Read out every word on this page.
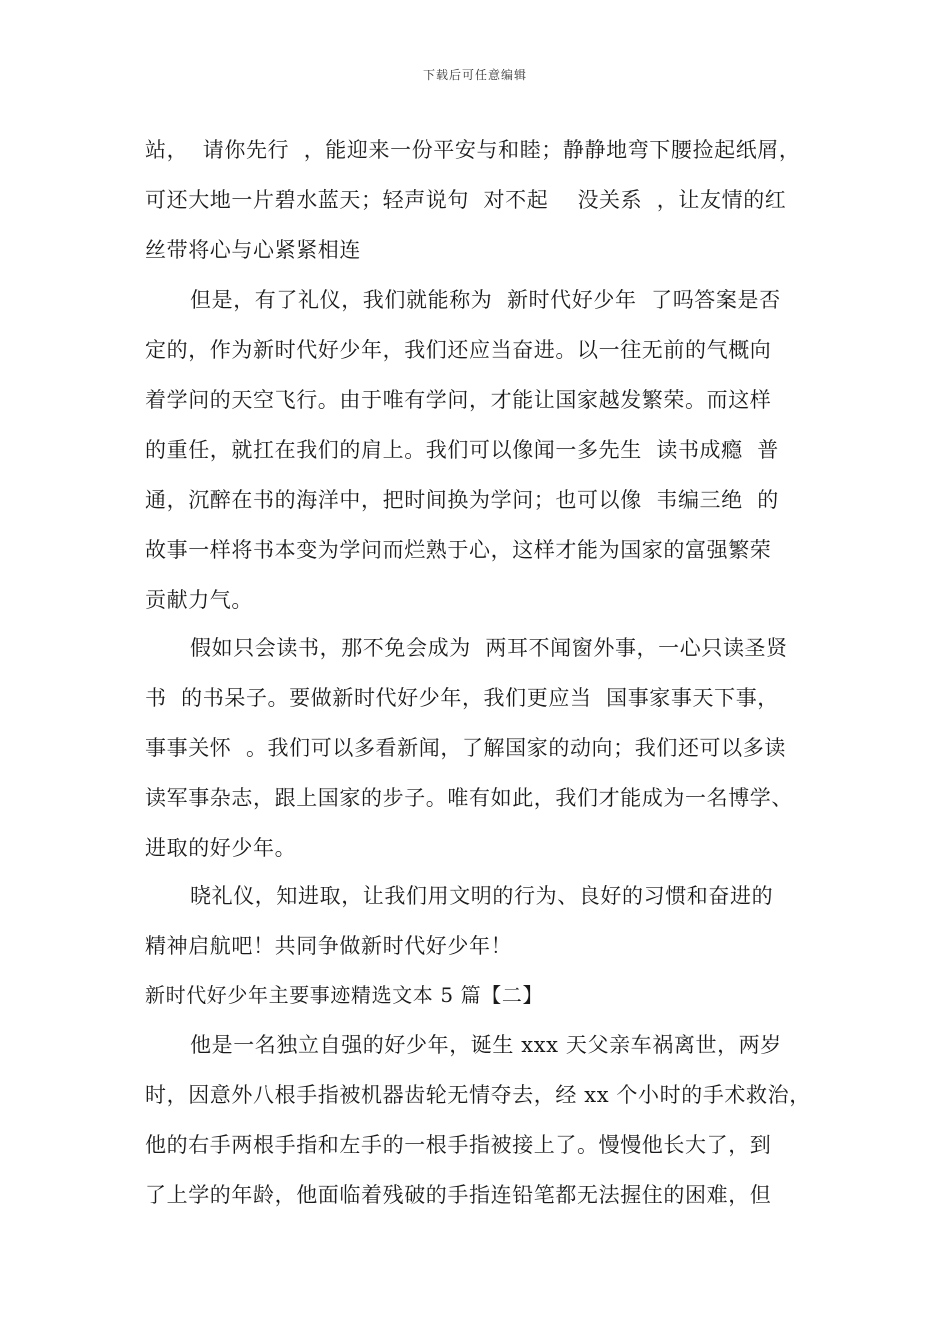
下载后可任意编辑
站，  请你先行  ，能迎来一份平安与和睦；静静地弯下腰捡起纸屑，
可还大地一片碧水蓝天；轻声说句  对不起    没关系  ，让友情的红
丝带将心与心紧紧相连
但是，有了礼仪，我们就能称为  新时代好少年  了吗答案是否
定的，作为新时代好少年，我们还应当奋进。以一往无前的气概向
着学问的天空飞行。由于唯有学问，才能让国家越发繁荣。而这样
的重任，就扛在我们的肩上。我们可以像闻一多先生  读书成瘾  普
通，沉醉在书的海洋中，把时间换为学问；也可以像  韦编三绝  的
故事一样将书本变为学问而烂熟于心，这样才能为国家的富强繁荣
贡献力气。
假如只会读书，那不免会成为  两耳不闻窗外事，一心只读圣贤
书  的书呆子。要做新时代好少年，我们更应当  国事家事天下事，
事事关怀  。我们可以多看新闻，了解国家的动向；我们还可以多读
读军事杂志，跟上国家的步子。唯有如此，我们才能成为一名博学、
进取的好少年。
晓礼仪，知进取，让我们用文明的行为、良好的习惯和奋进的
精神启航吧！共同争做新时代好少年！
新时代好少年主要事迹精选文本 5 篇【二】
他是一名独立自强的好少年，诞生 xxx 天父亲车祸离世，两岁
时，因意外八根手指被机器齿轮无情夺去，经 xx 个小时的手术救治，
他的右手两根手指和左手的一根手指被接上了。慢慢他长大了，到
了上学的年龄，他面临着残破的手指连铅笔都无法握住的困难，但
